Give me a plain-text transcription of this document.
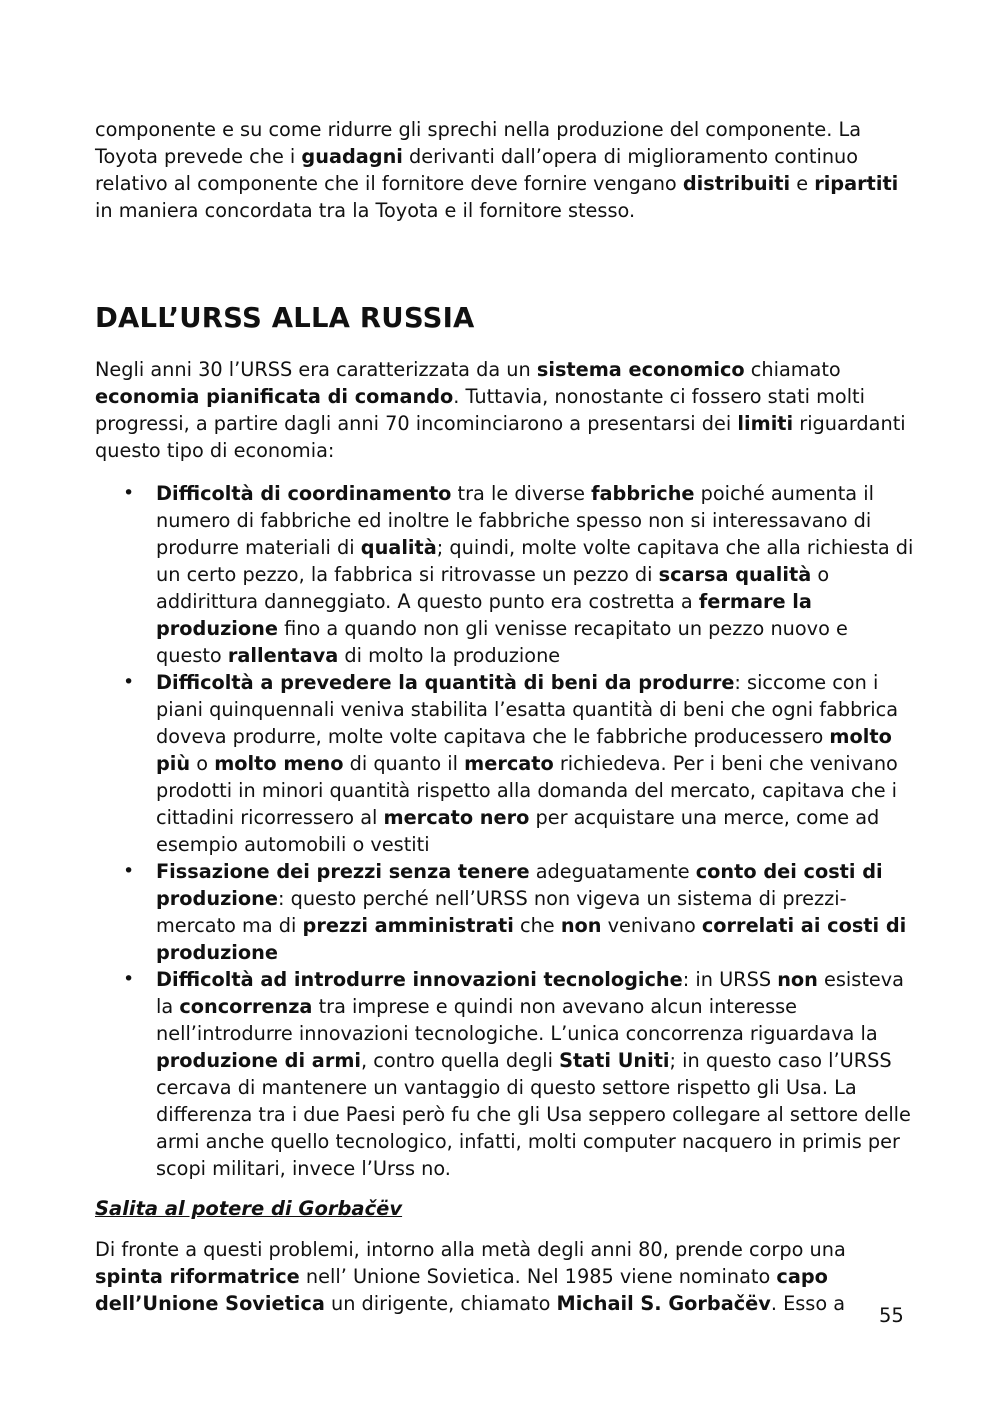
componente e su come ridurre gli sprechi nella produzione del componente. La Toyota prevede che i guadagni derivanti dall’opera di miglioramento continuo relativo al componente che il fornitore deve fornire vengano distribuiti e ripartiti in maniera concordata tra la Toyota e il fornitore stesso.

DALL’URSS ALLA RUSSIA

Negli anni 30 l’URSS era caratterizzata da un sistema economico chiamato economia pianificata di comando. Tuttavia, nonostante ci fossero stati molti progressi, a partire dagli anni 70 incominciarono a presentarsi dei limiti riguardanti questo tipo di economia:

• Difficoltà di coordinamento tra le diverse fabbriche poiché aumenta il numero di fabbriche ed inoltre le fabbriche spesso non si interessavano di produrre materiali di qualità; quindi, molte volte capitava che alla richiesta di un certo pezzo, la fabbrica si ritrovasse un pezzo di scarsa qualità o addirittura danneggiato. A questo punto era costretta a fermare la produzione fino a quando non gli venisse recapitato un pezzo nuovo e questo rallentava di molto la produzione
• Difficoltà a prevedere la quantità di beni da produrre: siccome con i piani quinquennali veniva stabilita l’esatta quantità di beni che ogni fabbrica doveva produrre, molte volte capitava che le fabbriche producessero molto più o molto meno di quanto il mercato richiedeva. Per i beni che venivano prodotti in minori quantità rispetto alla domanda del mercato, capitava che i cittadini ricorressero al mercato nero per acquistare una merce, come ad esempio automobili o vestiti
• Fissazione dei prezzi senza tenere adeguatamente conto dei costi di produzione: questo perché nell’URSS non vigeva un sistema di prezzi-mercato ma di prezzi amministrati che non venivano correlati ai costi di produzione
• Difficoltà ad introdurre innovazioni tecnologiche: in URSS non esisteva la concorrenza tra imprese e quindi non avevano alcun interesse nell’introdurre innovazioni tecnologiche. L’unica concorrenza riguardava la produzione di armi, contro quella degli Stati Uniti; in questo caso l’URSS cercava di mantenere un vantaggio di questo settore rispetto gli Usa. La differenza tra i due Paesi però fu che gli Usa seppero collegare al settore delle armi anche quello tecnologico, infatti, molti computer nacquero in primis per scopi militari, invece l’Urss no.
Salita al potere di Gorbačëv

Di fronte a questi problemi, intorno alla metà degli anni 80, prende corpo una spinta riformatrice nell’ Unione Sovietica. Nel 1985 viene nominato capo dell’Unione Sovietica un dirigente, chiamato Michail S. Gorbačëv. Esso a

55
